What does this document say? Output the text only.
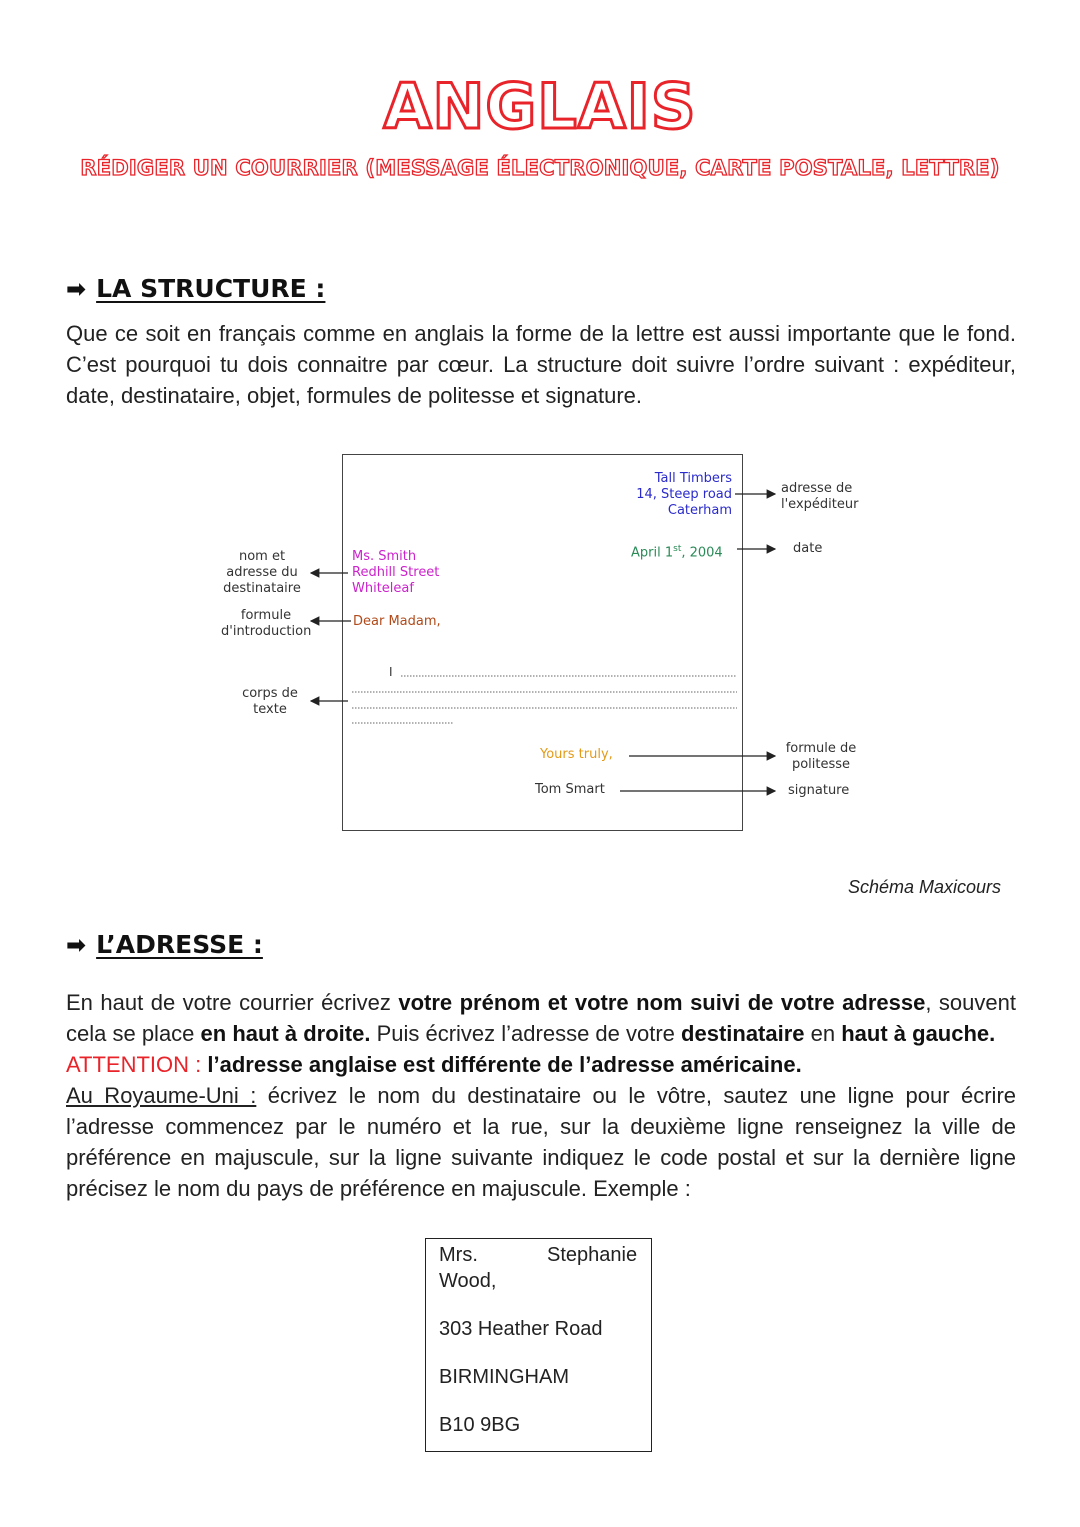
ANGLAIS
RÉDIGER UN COURRIER (MESSAGE ÉLECTRONIQUE, CARTE POSTALE, LETTRE)
➡ LA STRUCTURE :
Que ce soit en français comme en anglais la forme de la lettre est aussi importante que le fond. C’est pourquoi tu dois connaitre par cœur. La structure doit suivre l’ordre suivant : expéditeur, date, destinataire, objet, formules de politesse et signature.
Tall Timbers
14, Steep road
Caterham
April 1st, 2004
Ms. Smith
Redhill Street
Whiteleaf
Dear Madam,
I
Yours truly,
Tom Smart
nom et
adresse du
destinataire
formule
d'introduction
corps de
texte
adresse de
l'expéditeur
date
formule de
politesse
signature
Schéma Maxicours
➡ L’ADRESSE :
En haut de votre courrier écrivez votre prénom et votre nom suivi de votre adresse, souvent cela se place en haut à droite. Puis écrivez l’adresse de votre destinataire en haut à gauche.
ATTENTION : l’adresse anglaise est différente de l’adresse américaine.
Au Royaume-Uni : écrivez le nom du destinataire ou le vôtre, sautez une ligne pour écrire l’adresse commencez par le numéro et la rue, sur la deuxième ligne renseignez la ville de préférence en majuscule, sur la ligne suivante indiquez le code postal et sur la dernière ligne précisez le nom du pays de préférence en majuscule. Exemple :
Mrs.	Stephanie
Wood,
303 Heather Road
BIRMINGHAM
B10 9BG
